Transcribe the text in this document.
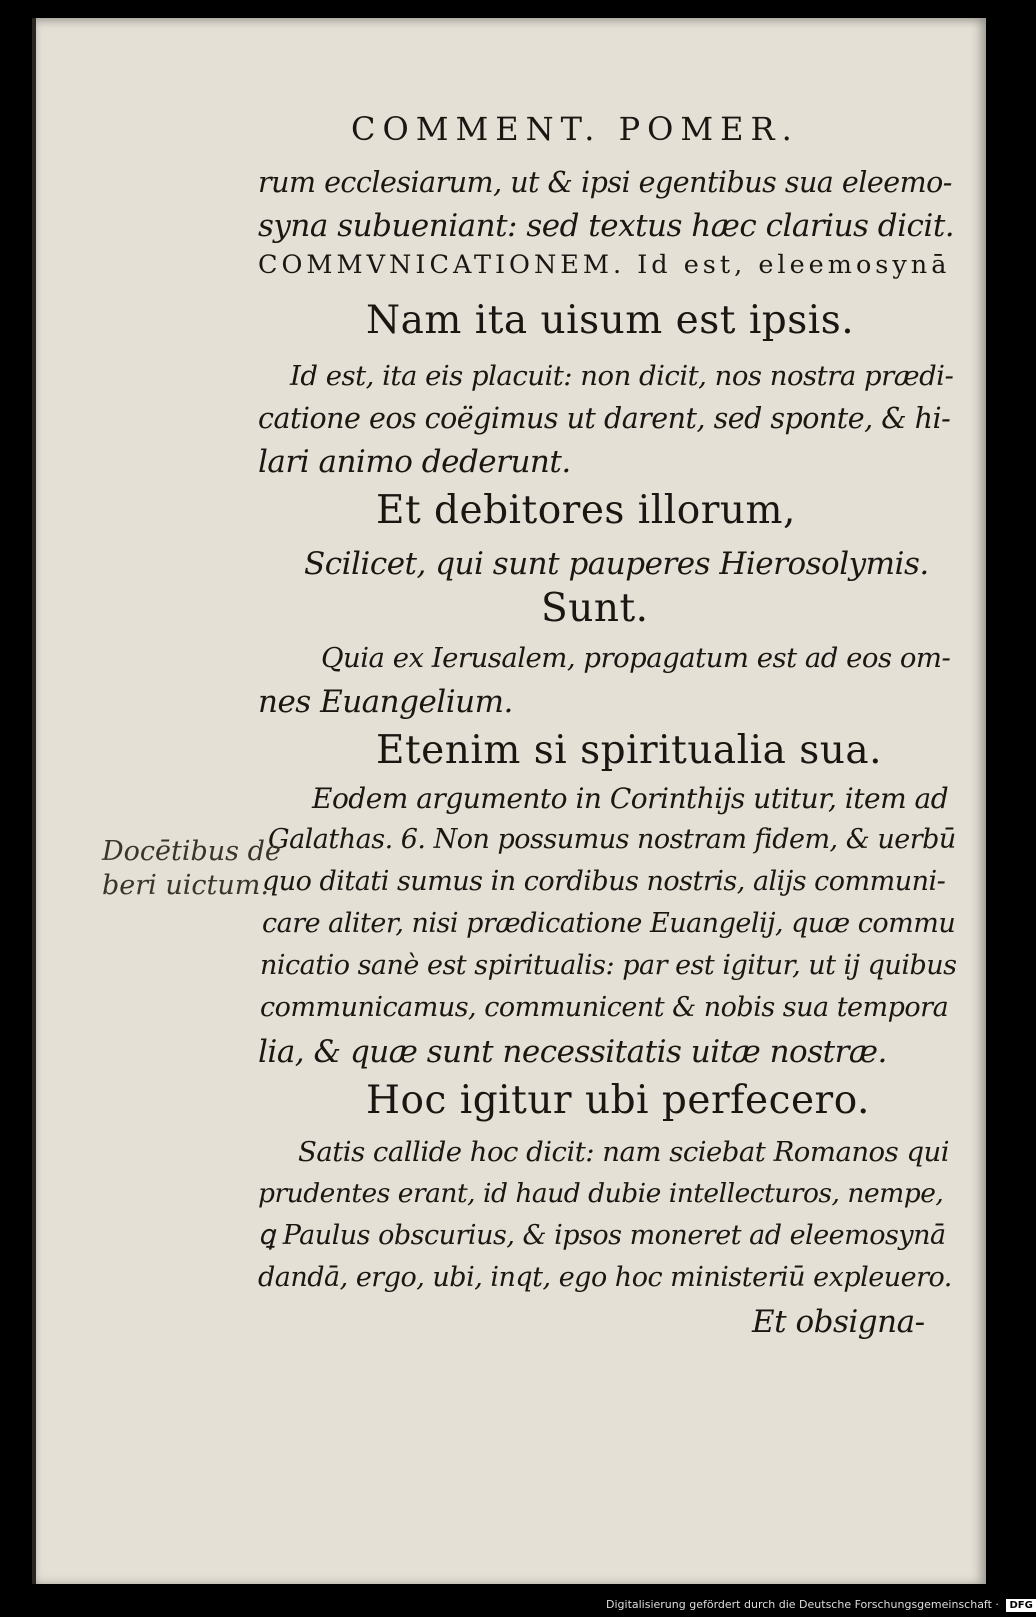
COMMENT. POMER.
rum ecclesiarum, ut & ipsi egentibus sua eleemo-
syna subueniant: sed textus hæc clarius dicit.
COMMVNICATIONEM. Id est, eleemosynā
Nam ita uisum est ipsis.
Id est, ita eis placuit: non dicit, nos nostra prædi-
catione eos coëgimus ut darent, sed sponte, & hi-
lari animo dederunt.
Et debitores illorum,
Scilicet, qui sunt pauperes Hierosolymis.
Sunt.
Quia ex Ierusalem, propagatum est ad eos om-
nes Euangelium.
Etenim si spiritualia sua.
Eodem argumento in Corinthijs utitur, item ad
Galathas. 6. Non possumus nostram fidem, & uerbū
quo ditati sumus in cordibus nostris, alijs communi-
care aliter, nisi prædicatione Euangelij, quæ commu
nicatio sanè est spiritualis: par est igitur, ut ij quibus
communicamus, communicent & nobis sua tempora
lia, & quæ sunt necessitatis uitæ nostræ.
Hoc igitur ubi perfecero.
Satis callide hoc dicit: nam sciebat Romanos qui
prudentes erant, id haud dubie intellecturos, nempe,
ꝗ Paulus obscurius, & ipsos moneret ad eleemosynā
dandā, ergo, ubi, inqt, ego hoc ministeriū expleuero.
Et obsigna-
Docētibus de
beri uictum.
Digitalisierung gefördert durch die Deutsche Forschungsgemeinschaft · DFG
